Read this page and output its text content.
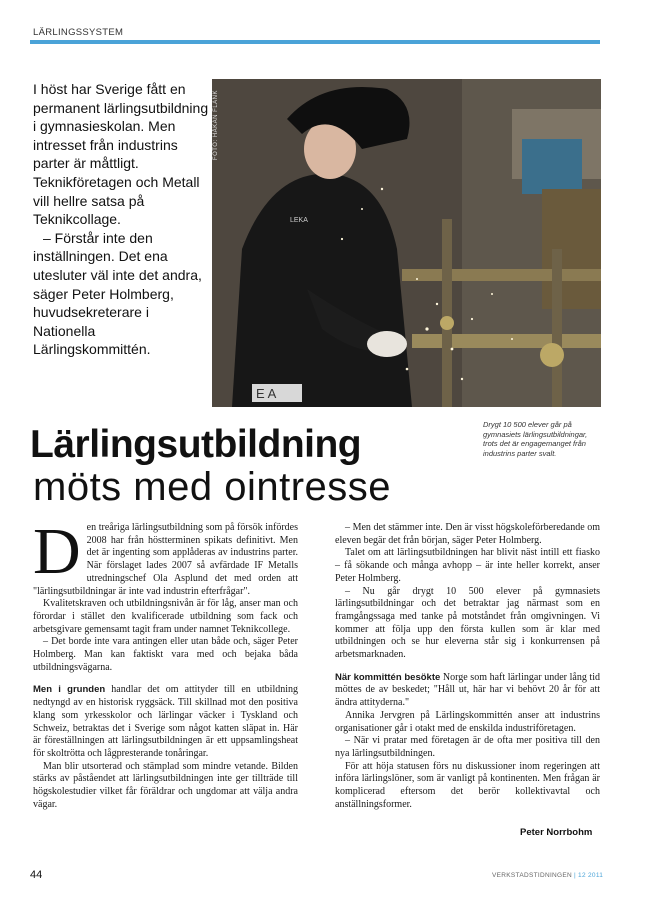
LÄRLINGSSYSTEM

I höst har Sverige fått en permanent lärlingsutbildning i gymnasieskolan. Men intresset från industrins parter är måttligt. Teknikföretagen och Metall vill hellre satsa på Teknikcollage.

– Förstår inte den inställningen. Det ena utesluter väl inte det andra, säger Peter Holmberg, huvudsekreterare i Nationella Lärlingskommittén.

E A
LEKA
FOTO: HÅKAN FLANK
Drygt 10 500 elever går på gymnasiets lärlingsutbildningar, trots det är engagemanget från industrins parter svalt.
Lärlingsutbildning
möts med ointresse

Den treåriga lärlingsutbildning som på försök infördes 2008 har från höstterminen spikats definitivt. Men det är ingenting som applåderas av industrins parter. När förslaget lades 2007 så avfärdade IF Metalls utredningschef Ola Asplund det med orden att "lärlingsutbildningar är inte vad industrin efterfrågar".

Kvalitetskraven och utbildningsnivån är för låg, anser man och förordar i stället den kvalificerade utbildning som fack och arbetsgivare gemensamt tagit fram under namnet Teknikcollege.

– Det borde inte vara antingen eller utan både och, säger Peter Holmberg. Man kan faktiskt vara med och bejaka båda utbildningsvägarna.

Men i grunden handlar det om attityder till en utbildning nedtyngd av en historisk ryggsäck. Till skillnad mot den positiva klang som yrkesskolor och lärlingar väcker i Tyskland och Schweiz, betraktas det i Sverige som något katten släpat in. Här är föreställningen att lärlingsutbildningen är ett uppsamlingsheat för skoltrötta och lågpresterande tonåringar.

Man blir utsorterad och stämplad som mindre vetande. Bilden stärks av påståendet att lärlingsutbildningen inte ger tillträde till högskolestudier vilket får föräldrar och ungdomar att välja andra vägar.

– Men det stämmer inte. Den är visst högskoleförberedande om eleven begär det från början, säger Peter Holmberg.

Talet om att lärlingsutbildningen har blivit näst intill ett fiasko – få sökande och många avhopp – är inte heller korrekt, anser Peter Holmberg.

– Nu går drygt 10 500 elever på gymnasiets lärlingsutbildningar och det betraktar jag närmast som en framgångssaga med tanke på motståndet från omgivningen. Vi kommer att följa upp den första kullen som är klar med utbildningen och se hur eleverna står sig i konkurrensen på arbetsmarknaden.

När kommittén besökte Norge som haft lärlingar under lång tid möttes de av beskedet; "Håll ut, här har vi behövt 20 år för att ändra attityderna."

Annika Jervgren på Lärlingskommittén anser att industrins organisationer går i otakt med de enskilda industriföretagen.

– När vi pratar med företagen är de ofta mer positiva till den nya lärlingsutbildningen.

För att höja statusen förs nu diskussioner inom regeringen att införa lärlingslöner, som är vanligt på kontinenten. Men frågan är komplicerad eftersom det berör kollektivavtal och anställningsformer.

Peter Norrbohm
44	VERKSTADSTIDNINGEN | 12 2011
